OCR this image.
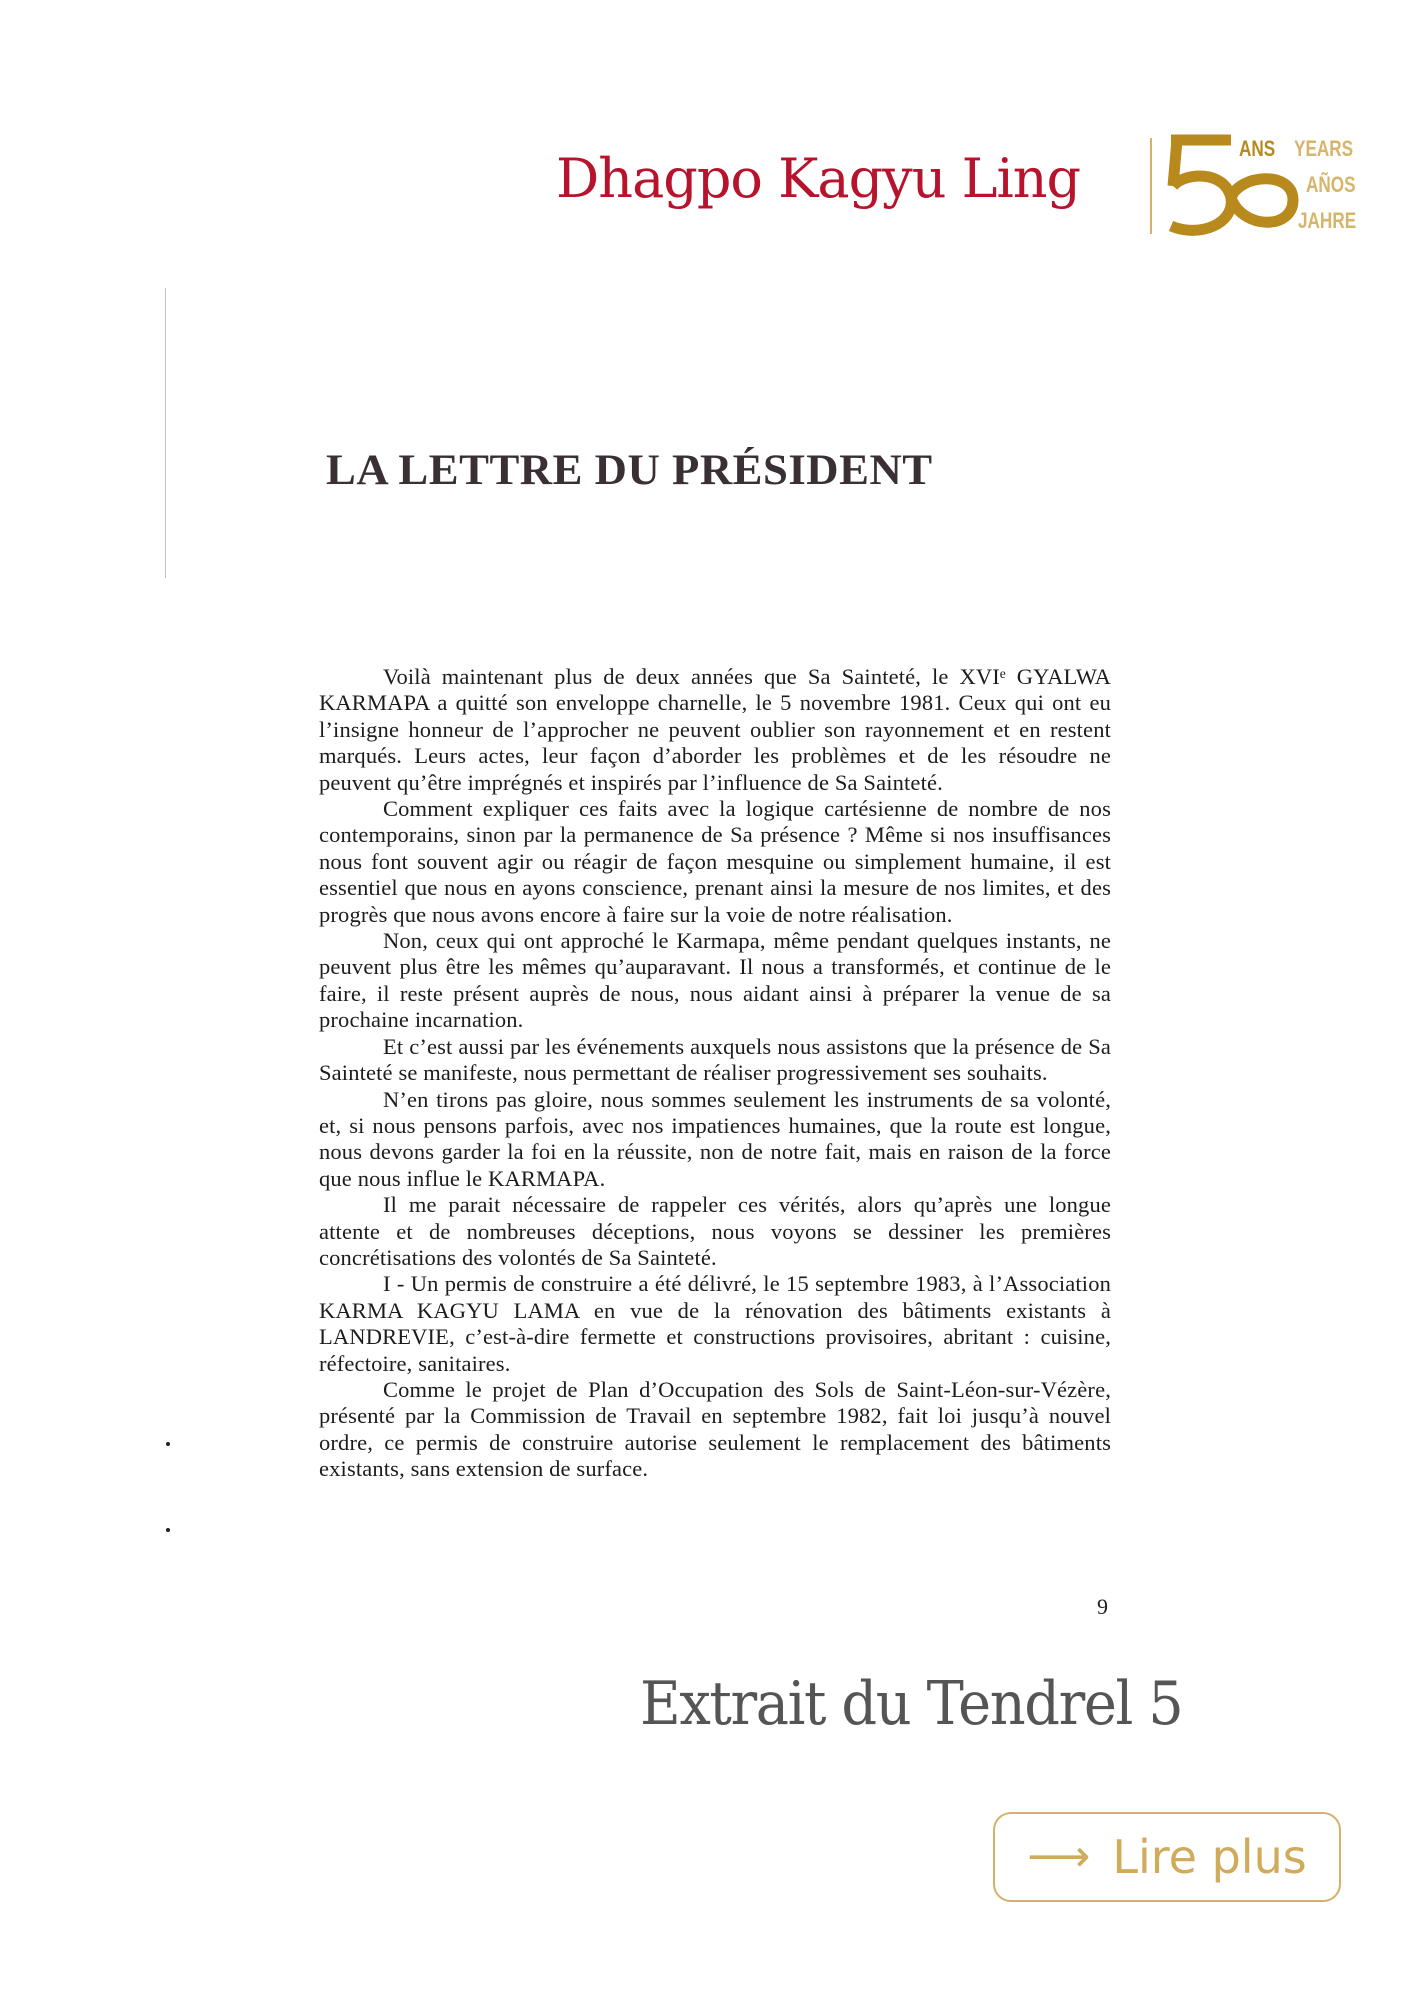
Dhagpo Kagyu Ling	ANS YEARS
AÑOS
JAHRE
LA LETTRE DU PRÉSIDENT

Voilà maintenant plus de deux années que Sa Sainteté, le XVIᵉ GYALWA KARMAPA a quitté son enveloppe charnelle, le 5 novembre 1981. Ceux qui ont eu l’insigne honneur de l’approcher ne peuvent oublier son rayonnement et en restent marqués. Leurs actes, leur façon d’aborder les problèmes et de les résoudre ne peuvent qu’être imprégnés et inspirés par l’influence de Sa Sainteté.

Comment expliquer ces faits avec la logique cartésienne de nombre de nos contemporains, sinon par la permanence de Sa présence ? Même si nos insuffisances nous font souvent agir ou réagir de façon mesquine ou simplement humaine, il est essentiel que nous en ayons conscience, prenant ainsi la mesure de nos limites, et des progrès que nous avons encore à faire sur la voie de notre réalisation.

Non, ceux qui ont approché le Karmapa, même pendant quelques instants, ne peuvent plus être les mêmes qu’auparavant. Il nous a transformés, et continue de le faire, il reste présent auprès de nous, nous aidant ainsi à préparer la venue de sa prochaine incarnation.

Et c’est aussi par les événements auxquels nous assistons que la présence de Sa Sainteté se manifeste, nous permettant de réaliser progressivement ses souhaits.

N’en tirons pas gloire, nous sommes seulement les instruments de sa volonté, et, si nous pensons parfois, avec nos impatiences humaines, que la route est longue, nous devons garder la foi en la réussite, non de notre fait, mais en raison de la force que nous influe le KARMAPA.

Il me parait nécessaire de rappeler ces vérités, alors qu’après une longue attente et de nombreuses déceptions, nous voyons se dessiner les premières concrétisations des volontés de Sa Sainteté.

I - Un permis de construire a été délivré, le 15 septembre 1983, à l’Association KARMA KAGYU LAMA en vue de la rénovation des bâtiments existants à LANDREVIE, c’est-à-dire fermette et constructions provisoires, abritant : cuisine, réfectoire, sanitaires.

Comme le projet de Plan d’Occupation des Sols de Saint-Léon-sur-Vézère, présenté par la Commission de Travail en septembre 1982, fait loi jusqu’à nouvel ordre, ce permis de construire autorise seulement le remplacement des bâtiments existants, sans extension de surface.

9
Extrait du Tendrel 5
⟶ Lire plus
